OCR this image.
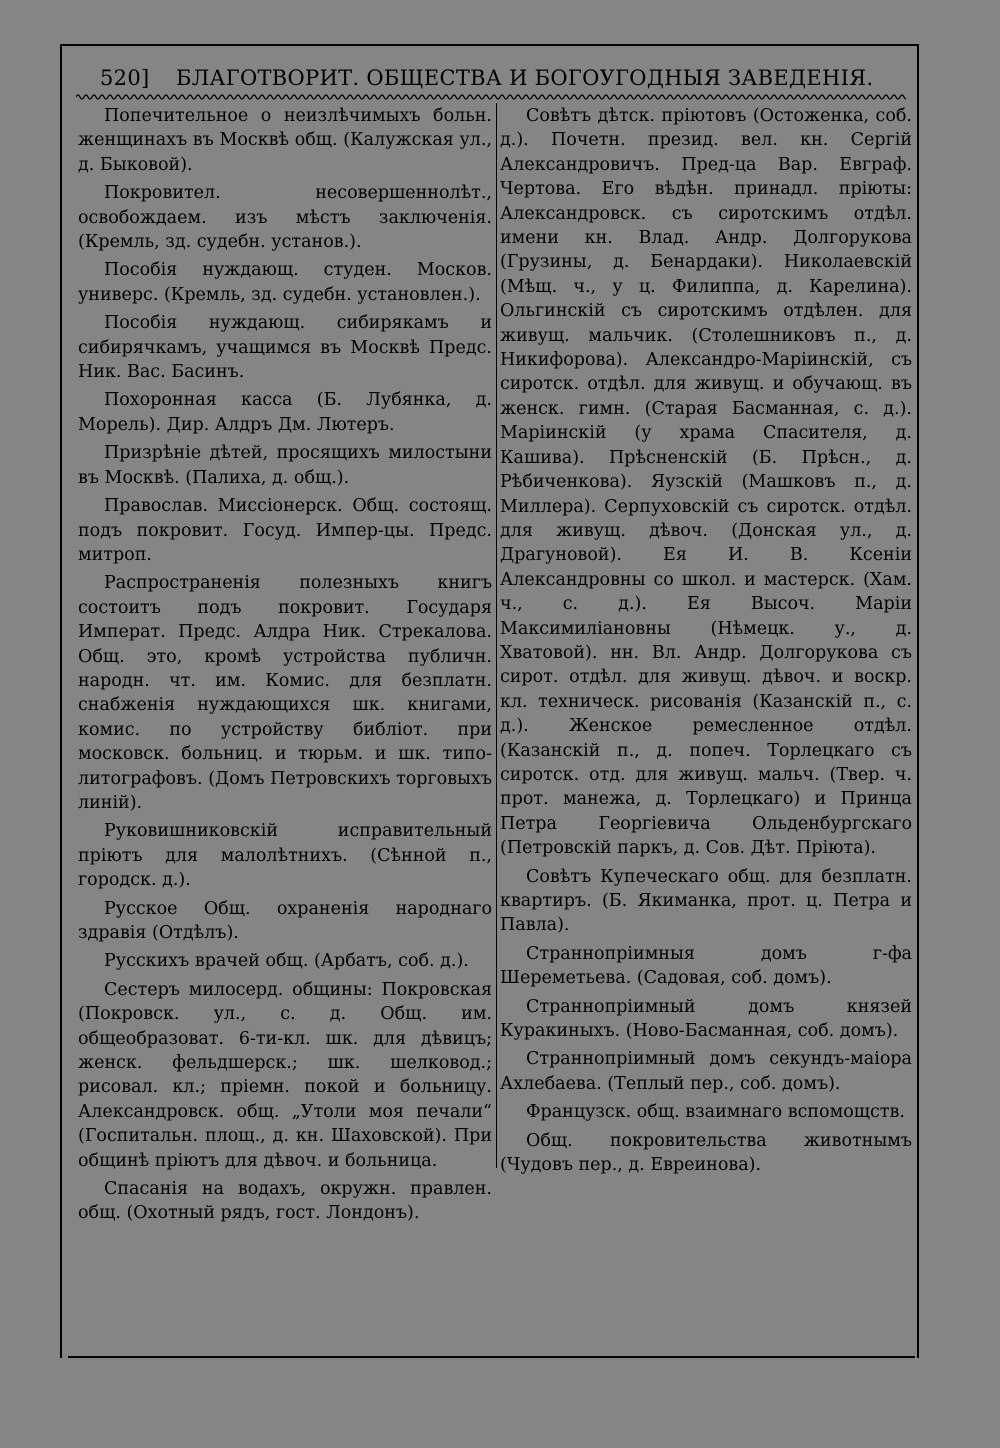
520] БЛАГОТВОРИТ. ОБЩЕСТВА И БОГОУГОДНЫЯ ЗАВЕДЕНІЯ.

Попечительное о неизлѣчимыхъ больн. женщинахъ въ Москвѣ общ. (Калужская ул., д. Быковой).

Покровител. несовершеннолѣт., освобождаем. изъ мѣстъ заключенія. (Кремль, зд. судебн. установ.).

Пособія нуждающ. студен. Москов. универс. (Кремль, зд. судебн. установлен.).

Пособія нуждающ. сибирякамъ и сибирячкамъ, учащимся въ Москвѣ Предс. Ник. Вас. Басинъ.

Похоронная касса (Б. Лубянка, д. Морель). Дир. Алдръ Дм. Лютеръ.

Призрѣніе дѣтей, просящихъ милостыни въ Москвѣ. (Палиха, д. общ.).

Православ. Миссіонерск. Общ. состоящ. подъ покровит. Госуд. Импер-цы. Предс. митроп.

Распространенія полезныхъ книгъ состоитъ подъ покровит. Государя Императ. Предс. Алдра Ник. Стрекалова. Общ. это, кромѣ устройства публичн. народн. чт. им. Комис. для безплатн. снабженія нуждающихся шк. книгами, комис. по устройству библіот. при московск. больниц. и тюрьм. и шк. типо-литографовъ. (Домъ Петровскихъ торговыхъ линій).

Руковишниковскій исправительный пріютъ для малолѣтнихъ. (Сѣнной п., городск. д.).

Русское Общ. охраненія народнаго здравія (Отдѣлъ).

Русскихъ врачей общ. (Арбатъ, соб. д.).

Сестеръ милосерд. общины: Покровская (Покровск. ул., с. д. Общ. им. общеобразоват. 6-ти-кл. шк. для дѣвицъ; женск. фельдшерск.; шк. шелковод.; рисовал. кл.; пріемн. покой и больницу. Александровск. общ. „Утоли моя печали“ (Госпитальн. площ., д. кн. Шаховской). При общинѣ пріютъ для дѣвоч. и больница.

Спасанія на водахъ, окружн. правлен. общ. (Охотный рядъ, гост. Лондонъ).

Совѣтъ дѣтск. пріютовъ (Остоженка, соб. д.). Почетн. презид. вел. кн. Сергій Александровичъ. Пред-ца Вар. Евграф. Чертова. Его вѣдѣн. принадл. пріюты: Александровск. съ сиротскимъ отдѣл. имени кн. Влад. Андр. Долгорукова (Грузины, д. Бенардаки). Николаевскій (Мѣщ. ч., у ц. Филиппа, д. Карелина). Ольгинскій съ сиротскимъ отдѣлен. для живущ. мальчик. (Столешниковъ п., д. Никифорова). Александро-Маріинскій, съ сиротск. отдѣл. для живущ. и обучающ. въ женск. гимн. (Старая Басманная, с. д.). Маріинскій (у храма Спасителя, д. Кашива). Прѣсненскій (Б. Прѣсн., д. Рѣбиченкова). Яузскій (Машковъ п., д. Миллера). Серпуховскій съ сиротск. отдѣл. для живущ. дѣвоч. (Донская ул., д. Драгуновой). Ея И. В. Ксеніи Александровны со школ. и мастерск. (Хам. ч., с. д.). Ея Высоч. Маріи Максимиліановны (Нѣмецк. у., д. Хватовой). нн. Вл. Андр. Долгорукова съ сирот. отдѣл. для живущ. дѣвоч. и воскр. кл. техническ. рисованія (Казанскій п., с. д.). Женское ремесленное отдѣл. (Казанскій п., д. попеч. Торлецкаго съ сиротск. отд. для живущ. мальч. (Твер. ч. прот. манежа, д. Торлецкаго) и Принца Петра Георгіевича Ольденбургскаго (Петровскій паркъ, д. Сов. Дѣт. Пріюта).

Совѣтъ Купеческаго общ. для безплатн. квартиръ. (Б. Якиманка, прот. ц. Петра и Павла).

Страннопріимныя домъ г-фа Шереметьева. (Садовая, соб. домъ).

Страннопріимный домъ князей Куракиныхъ. (Ново-Басманная, соб. домъ).

Страннопріимный домъ секундъ-маіора Ахлебаева. (Теплый пер., соб. домъ).

Французск. общ. взаимнаго вспомощств.

Общ. покровительства животнымъ (Чудовъ пер., д. Евреинова).
